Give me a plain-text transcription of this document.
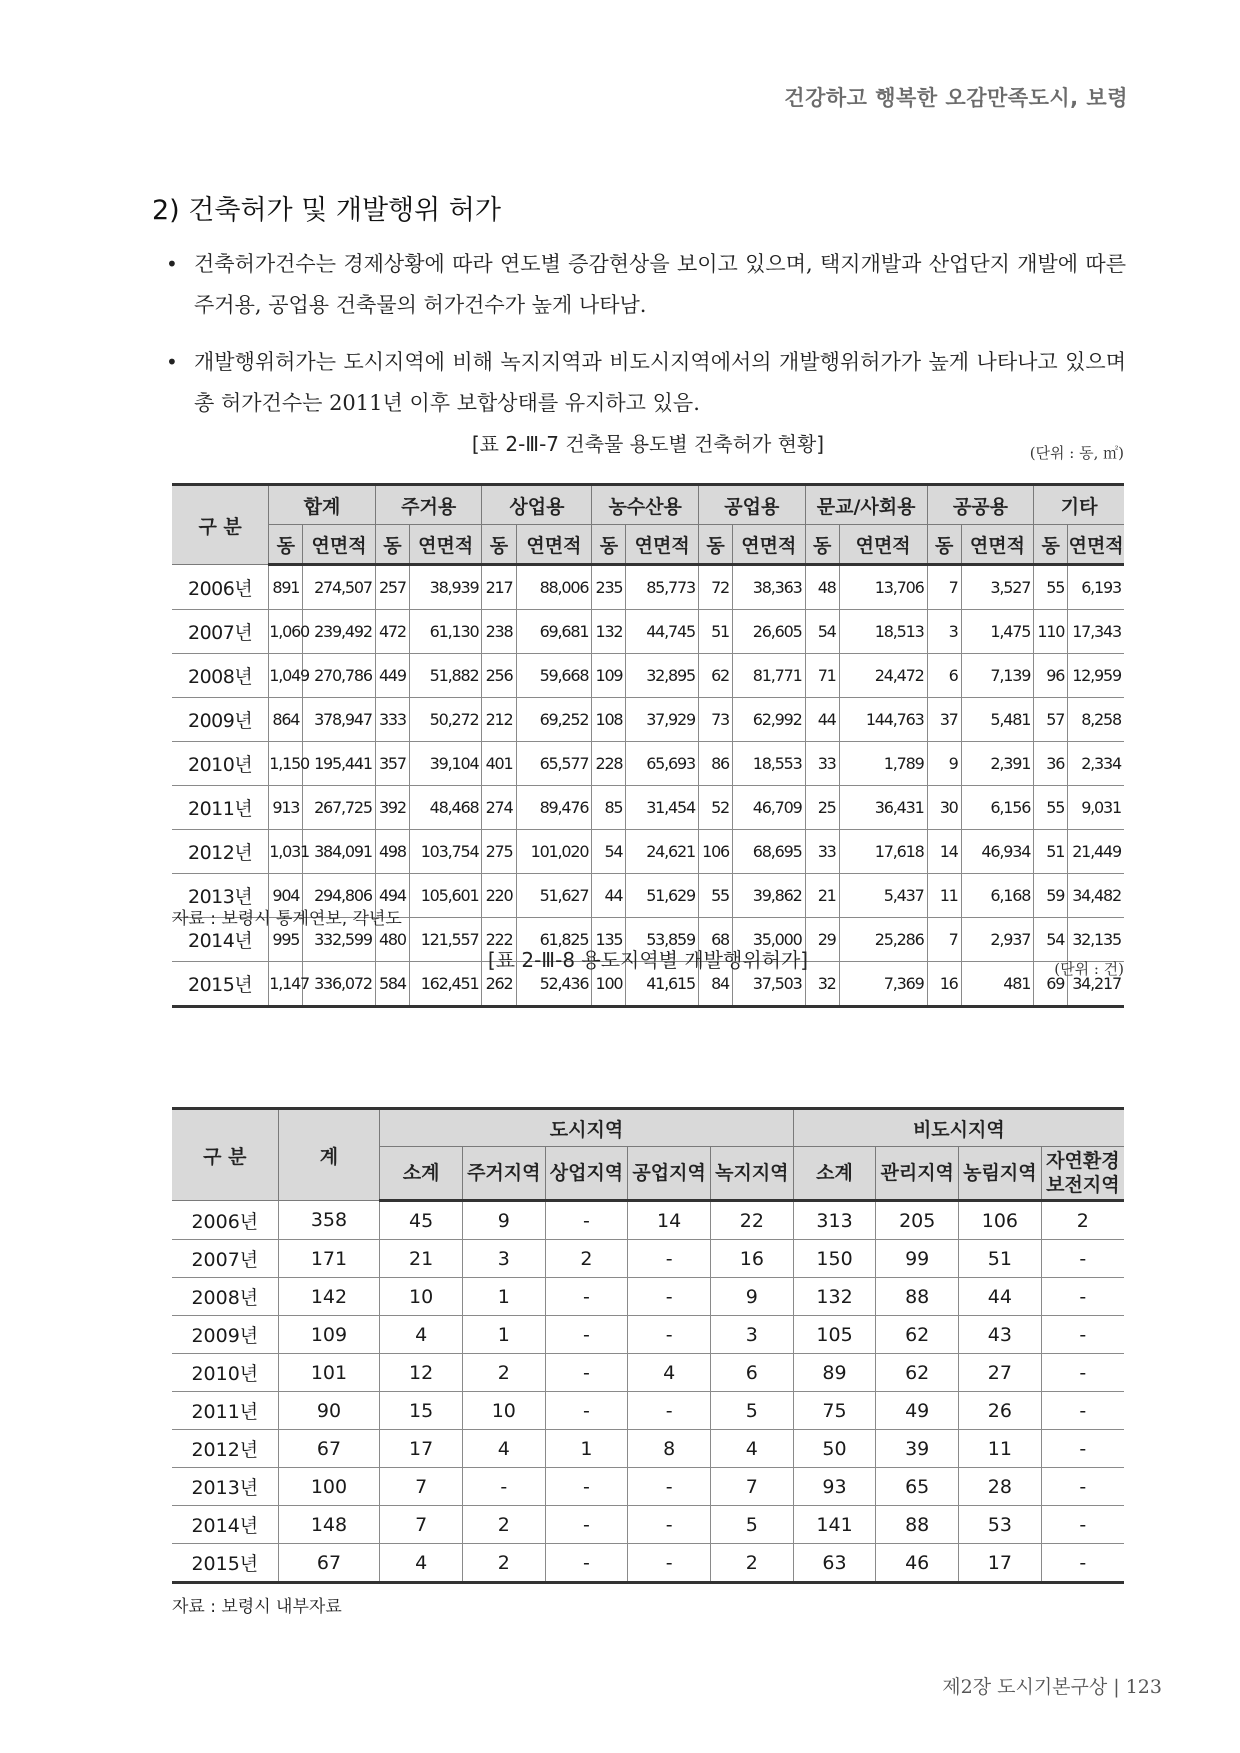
건강하고 행복한 오감만족도시, 보령
2) 건축허가 및 개발행위 허가
• 건축허가건수는 경제상황에 따라 연도별 증감현상을 보이고 있으며, 택지개발과 산업단지 개발에 따른 주거용, 공업용 건축물의 허가건수가 높게 나타남.
• 개발행위허가는 도시지역에 비해 녹지지역과 비도시지역에서의 개발행위허가가 높게 나타나고 있으며 총 허가건수는 2011년 이후 보합상태를 유지하고 있음.
[표 2-Ⅲ-7 건축물 용도별 건축허가 현황]	(단위 : 동, ㎡)
구 분	합계		주거용		상업용		농수산용		공업용		문교/사회용		공공용		기타	
	동	연면적	동	연면적	동	연면적	동	연면적	동	연면적	동	연면적	동	연면적	동	연면적
2006년	891	274,507	257	38,939	217	88,006	235	85,773	72	38,363	48	13,706	7	3,527	55	6,193
2007년	1,060	239,492	472	61,130	238	69,681	132	44,745	51	26,605	54	18,513	3	1,475	110	17,343
2008년	1,049	270,786	449	51,882	256	59,668	109	32,895	62	81,771	71	24,472	6	7,139	96	12,959
2009년	864	378,947	333	50,272	212	69,252	108	37,929	73	62,992	44	144,763	37	5,481	57	8,258
2010년	1,150	195,441	357	39,104	401	65,577	228	65,693	86	18,553	33	1,789	9	2,391	36	2,334
2011년	913	267,725	392	48,468	274	89,476	85	31,454	52	46,709	25	36,431	30	6,156	55	9,031
2012년	1,031	384,091	498	103,754	275	101,020	54	24,621	106	68,695	33	17,618	14	46,934	51	21,449
2013년	904	294,806	494	105,601	220	51,627	44	51,629	55	39,862	21	5,437	11	6,168	59	34,482
2014년	995	332,599	480	121,557	222	61,825	135	53,859	68	35,000	29	25,286	7	2,937	54	32,135
2015년	1,147	336,072	584	162,451	262	52,436	100	41,615	84	37,503	32	7,369	16	481	69	34,217
자료 : 보령시 통계연보, 각년도
[표 2-Ⅲ-8 용도지역별 개발행위허가]	(단위 : 건)
구 분	계	도시지역					비도시지역			
		소계	주거지역	상업지역	공업지역	녹지지역	소계	관리지역	농림지역	자연환경 보전지역
2006년	358	45	9	-	14	22	313	205	106	2
2007년	171	21	3	2	-	16	150	99	51	-
2008년	142	10	1	-	-	9	132	88	44	-
2009년	109	4	1	-	-	3	105	62	43	-
2010년	101	12	2	-	4	6	89	62	27	-
2011년	90	15	10	-	-	5	75	49	26	-
2012년	67	17	4	1	8	4	50	39	11	-
2013년	100	7	-	-	-	7	93	65	28	-
2014년	148	7	2	-	-	5	141	88	53	-
2015년	67	4	2	-	-	2	63	46	17	-
자료 : 보령시 내부자료
제2장 도시기본구상 | 123
